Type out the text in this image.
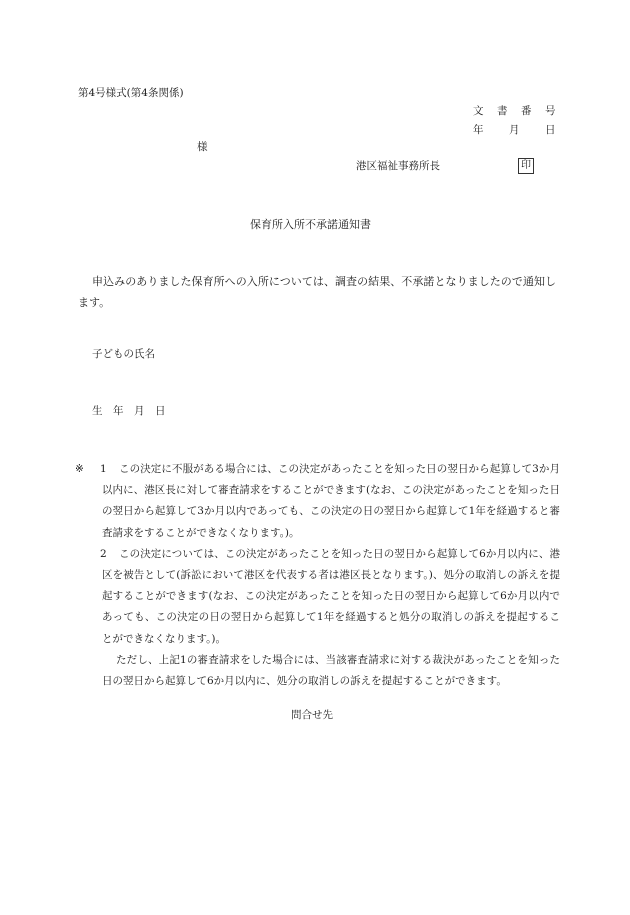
第4号様式(第4条関係)
文 書 番 号
年 月 日
様
港区福祉事務所長	印
保育所入所不承諾通知書
申込みのありました保育所への入所については、調査の結果、不承諾となりましたので通知します。
子どもの氏名
生　年　月　日
※ 1	この決定に不服がある場合には、この決定があったことを知った日の翌日から起算して3か月以内に、港区長に対して審査請求をすることができます(なお、この決定があったことを知った日の翌日から起算して3か月以内であっても、この決定の日の翌日から起算して1年を経過すると審査請求をすることができなくなります。)。
2	この決定については、この決定があったことを知った日の翌日から起算して6か月以内に、港区を被告として(訴訟において港区を代表する者は港区長となります。)、処分の取消しの訴えを提起することができます(なお、この決定があったことを知った日の翌日から起算して6か月以内であっても、この決定の日の翌日から起算して1年を経過すると処分の取消しの訴えを提起することができなくなります。)。
ただし、上記1の審査請求をした場合には、当該審査請求に対する裁決があったことを知った日の翌日から起算して6か月以内に、処分の取消しの訴えを提起することができます。
問合せ先
